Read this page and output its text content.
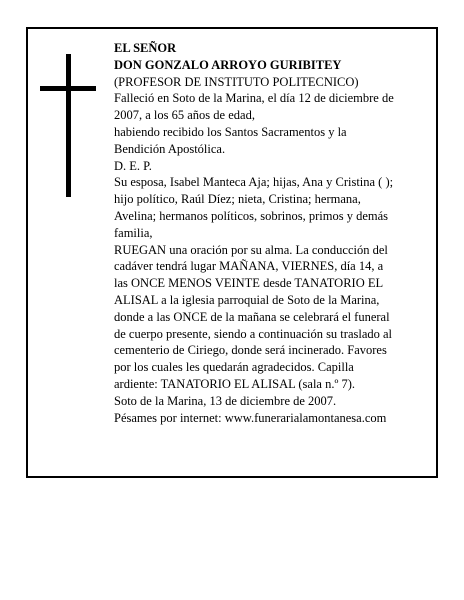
EL SEÑOR
DON GONZALO ARROYO GURIBITEY
(PROFESOR DE INSTITUTO POLITECNICO)
Falleció en Soto de la Marina, el día 12 de diciembre de
2007, a los 65 años de edad,
habiendo recibido los Santos Sacramentos y la
Bendición Apostólica.
D. E. P.
Su esposa, Isabel Manteca Aja; hijas, Ana y Cristina ( );
hijo político, Raúl Díez; nieta, Cristina; hermana,
Avelina; hermanos políticos, sobrinos, primos y demás
familia,
RUEGAN una oración por su alma. La conducción del
cadáver tendrá lugar MAÑANA, VIERNES, día 14, a
las ONCE MENOS VEINTE desde TANATORIO EL
ALISAL a la iglesia parroquial de Soto de la Marina,
donde a las ONCE de la mañana se celebrará el funeral
de cuerpo presente, siendo a continuación su traslado al
cementerio de Ciriego, donde será incinerado. Favores
por los cuales les quedarán agradecidos. Capilla
ardiente: TANATORIO EL ALISAL (sala n.º 7).
Soto de la Marina, 13 de diciembre de 2007.
Pésames por internet: www.funerarialamontanesa.com
